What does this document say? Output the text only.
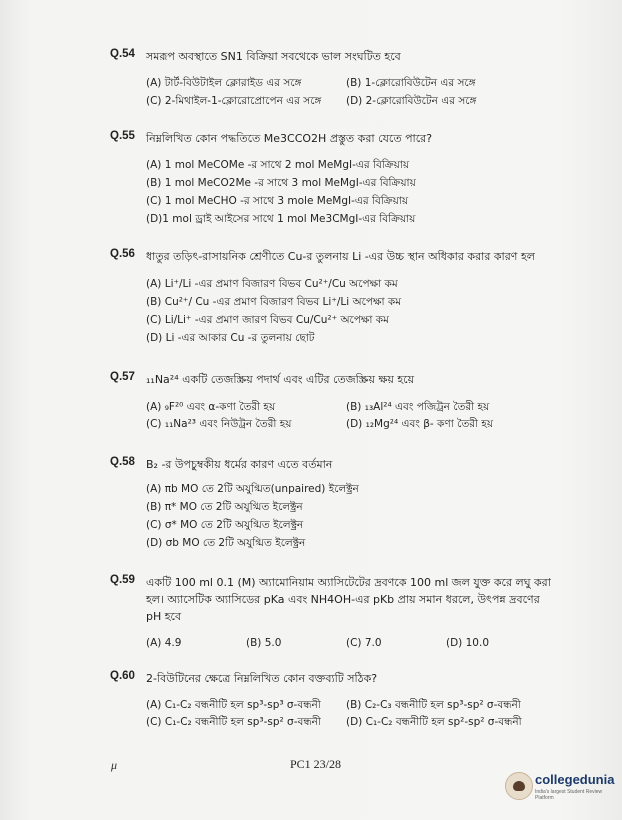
Q.54 সমরূপ অবস্থাতে SN1 বিক্রিয়া সবথেকে ভাল সংঘটিত হবে
(A) টার্ট-বিউটাইল ক্লোরাইড এর সঙ্গে	(B) 1-ক্লোরোবিউটেন এর সঙ্গে
(C) 2-মিথাইল-1-ক্লোরোপ্রোপেন এর সঙ্গে (D) 2-ক্লোরোবিউটেন এর সঙ্গে
Q.55 নিম্নলিখিত কোন পদ্ধতিতে Me3CCO2H প্রস্তুত করা যেতে পারে?
(A) 1 mol MeCOMe -র সাথে 2 mol MeMgI-এর বিক্রিয়ায়
(B) 1 mol MeCO2Me -র সাথে 3 mol MeMgI-এর বিক্রিয়ায়
(C) 1 mol MeCHO -র সাথে 3 mole MeMgI-এর বিক্রিয়ায়
(D)1 mol ড্রাই আইসের সাথে 1 mol Me3CMgI-এর বিক্রিয়ায়
Q.56 ধাতুর তড়িৎ-রাসায়নিক শ্রেণীতে Cu-র তুলনায় Li -এর উচ্চ স্থান অধিকার করার কারণ হল
(A) Li⁺/Li -এর প্রমাণ বিজারণ বিভব Cu²⁺/Cu অপেক্ষা কম
(B) Cu²⁺/ Cu -এর প্রমাণ বিজারণ বিভব Li⁺/Li অপেক্ষা কম
(C) Li/Li⁺ -এর প্রমাণ জারণ বিভব Cu/Cu²⁺ অপেক্ষা কম
(D) Li -এর আকার Cu -র তুলনায় ছোট
Q.57 ₁₁Na²⁴ একটি তেজস্ক্রিয় পদার্থ এবং এটির তেজস্ক্রিয় ক্ষয় হয়ে
(A) ₉F²⁰ এবং α-কণা তৈরী হয়	(B) ₁₃Al²⁴ এবং পজিট্রন তৈরী হয়
(C) ₁₁Na²³ এবং নিউট্রন তৈরী হয়	(D) ₁₂Mg²⁴ এবং β- কণা তৈরী হয়
Q.58 B₂ -র উপচুম্বকীয় ধর্মের কারণ এতে বর্তমান
(A) πb MO তে 2টি অযুগ্মিত(unpaired) ইলেক্ট্রন
(B) π* MO তে 2টি অযুগ্মিত ইলেক্ট্রন
(C) σ* MO তে 2টি অযুগ্মিত ইলেক্ট্রন
(D) σb MO তে 2টি অযুগ্মিত ইলেক্ট্রন
Q.59 একটি 100 ml 0.1 (M) অ্যামোনিয়াম অ্যাসিটেটের দ্রবণকে 100 ml জল যুক্ত করে লঘু করা
হল। অ্যাসেটিক অ্যাসিডের pKa এবং NH4OH-এর pKb প্রায় সমান ধরলে, উৎপন্ন দ্রবণের
pH হবে
(A) 4.9	(B) 5.0	(C) 7.0	(D) 10.0
Q.60 2-বিউটিনের ক্ষেত্রে নিম্নলিখিত কোন বক্তব্যটি সঠিক?
(A) C₁-C₂ বন্ধনীটি হল sp³-sp³ σ-বন্ধনী (B) C₂-C₃ বন্ধনীটি হল sp³-sp² σ-বন্ধনী
(C) C₁-C₂ বন্ধনীটি হল sp³-sp² σ-বন্ধনী (D) C₁-C₂ বন্ধনীটি হল sp²-sp² σ-বন্ধনী
μ	PC1 23/28
collegedunia
India's largest Student Review Platform
